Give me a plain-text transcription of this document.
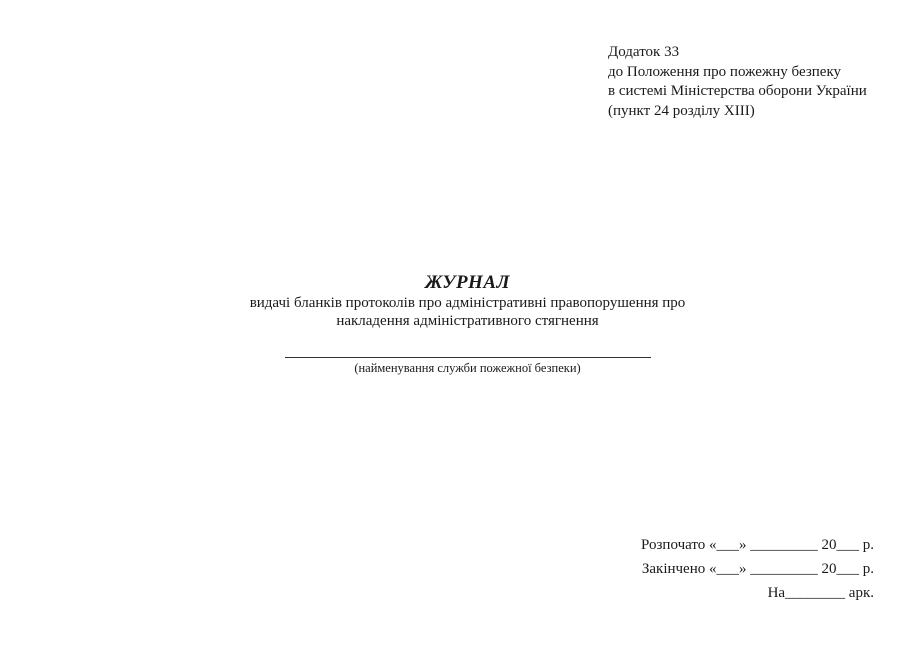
Додаток 33
до Положення про пожежну безпеку
в системі Міністерства оборони України
(пункт 24 розділу XIII)
ЖУРНАЛ
видачі бланків протоколів про адміністративні правопорушення про
накладення адміністративного стягнення
(найменування служби пожежної безпеки)
Розпочато «___» _________ 20___ р.
Закінчено «___» _________ 20___ р.
На________ арк.
